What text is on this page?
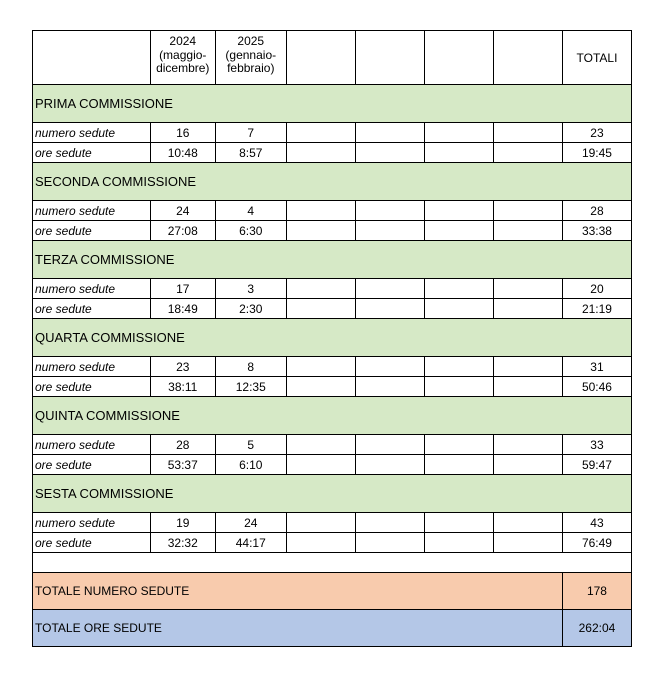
	2024
(maggio-
dicembre)	2025
(gennaio-
febbraio)					TOTALI
PRIMA COMMISSIONE							
numero sedute	16	7					23
ore sedute	10:48	8:57					19:45
SECONDA COMMISSIONE							
numero sedute	24	4					28
ore sedute	27:08	6:30					33:38
TERZA COMMISSIONE							
numero sedute	17	3					20
ore sedute	18:49	2:30					21:19
QUARTA COMMISSIONE							
numero sedute	23	8					31
ore sedute	38:11	12:35					50:46
QUINTA COMMISSIONE							
numero sedute	28	5					33
ore sedute	53:37	6:10					59:47
SESTA COMMISSIONE							
numero sedute	19	24					43
ore sedute	32:32	44:17					76:49

TOTALE NUMERO SEDUTE							178
TOTALE ORE SEDUTE							262:04
